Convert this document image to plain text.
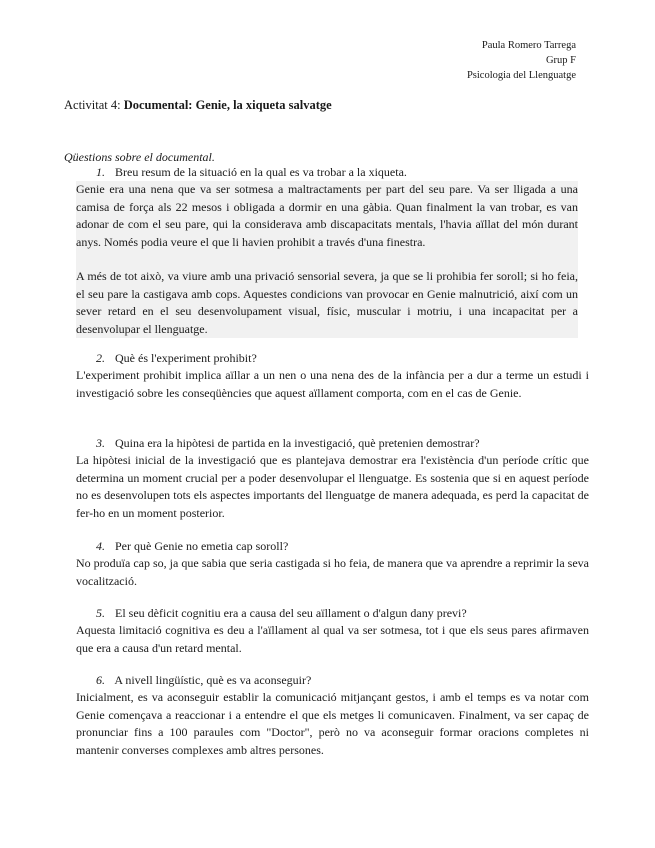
Paula Romero Tarrega
Grup F
Psicologia del Llenguatge
Activitat 4: Documental: Genie, la xiqueta salvatge
Qüestions sobre el documental.
1. Breu resum de la situació en la qual es va trobar a la xiqueta.

Genie era una nena que va ser sotmesa a maltractaments per part del seu pare. Va ser lligada a una camisa de força als 22 mesos i obligada a dormir en una gàbia. Quan finalment la van trobar, es van adonar de com el seu pare, qui la considerava amb discapacitats mentals, l'havia aïllat del món durant anys. Només podia veure el que li havien prohibit a través d'una finestra.

A més de tot això, va viure amb una privació sensorial severa, ja que se li prohibia fer soroll; si ho feia, el seu pare la castigava amb cops. Aquestes condicions van provocar en Genie malnutrició, així com un sever retard en el seu desenvolupament visual, físic, muscular i motriu, i una incapacitat per a desenvolupar el llenguatge.

2. Què és l'experiment prohibit?

L'experiment prohibit implica aïllar a un nen o una nena des de la infància per a dur a terme un estudi i investigació sobre les conseqüències que aquest aïllament comporta, com en el cas de Genie.

3. Quina era la hipòtesi de partida en la investigació, què pretenien demostrar?

La hipòtesi inicial de la investigació que es plantejava demostrar era l'existència d'un període crític que determina un moment crucial per a poder desenvolupar el llenguatge. Es sostenia que si en aquest període no es desenvolupen tots els aspectes importants del llenguatge de manera adequada, es perd la capacitat de fer-ho en un moment posterior.

4. Per què Genie no emetia cap soroll?

No produïa cap so, ja que sabia que seria castigada si ho feia, de manera que va aprendre a reprimir la seva vocalització.

5. El seu dèficit cognitiu era a causa del seu aïllament o d'algun dany previ?

Aquesta limitació cognitiva es deu a l'aïllament al qual va ser sotmesa, tot i que els seus pares afirmaven que era a causa d'un retard mental.

6. A nivell lingüístic, què es va aconseguir?

Inicialment, es va aconseguir establir la comunicació mitjançant gestos, i amb el temps es va notar com Genie començava a reaccionar i a entendre el que els metges li comunicaven. Finalment, va ser capaç de pronunciar fins a 100 paraules com "Doctor", però no va aconseguir formar oracions completes ni mantenir converses complexes amb altres persones.
